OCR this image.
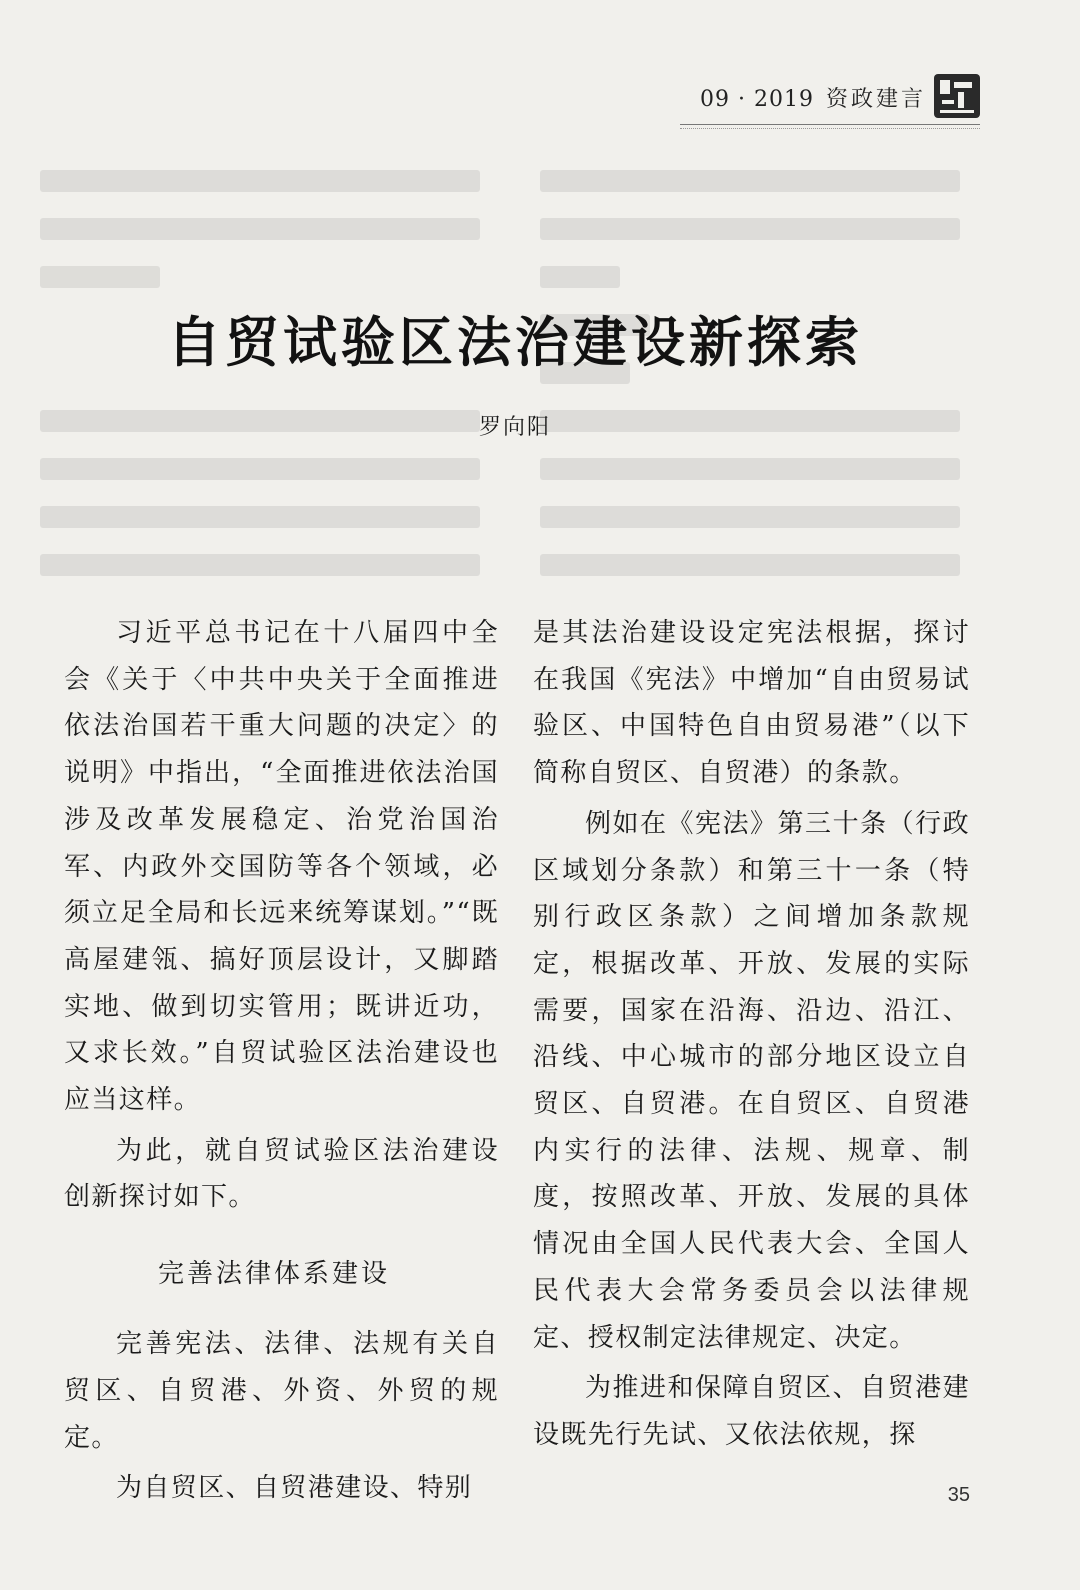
09 · 2019 资政建言
自贸试验区法治建设新探索
罗向阳

习近平总书记在十八届四中全会《关于〈中共中央关于全面推进依法治国若干重大问题的决定〉的说明》中指出，“全面推进依法治国涉及改革发展稳定、治党治国治军、内政外交国防等各个领域，必须立足全局和长远来统筹谋划。”“既高屋建瓴、搞好顶层设计，又脚踏实地、做到切实管用；既讲近功，又求长效。”自贸试验区法治建设也应当这样。

为此，就自贸试验区法治建设创新探讨如下。

完善法律体系建设

完善宪法、法律、法规有关自贸区、自贸港、外资、外贸的规定。

为自贸区、自贸港建设、特别

是其法治建设设定宪法根据，探讨在我国《宪法》中增加“自由贸易试验区、中国特色自由贸易港”（以下简称自贸区、自贸港）的条款。

例如在《宪法》第三十条（行政区域划分条款）和第三十一条（特别行政区条款）之间增加条款规定，根据改革、开放、发展的实际需要，国家在沿海、沿边、沿江、沿线、中心城市的部分地区设立自贸区、自贸港。在自贸区、自贸港内实行的法律、法规、规章、制度，按照改革、开放、发展的具体情况由全国人民代表大会、全国人民代表大会常务委员会以法律规定、授权制定法律规定、决定。

为推进和保障自贸区、自贸港建设既先行先试、又依法依规，探

35
